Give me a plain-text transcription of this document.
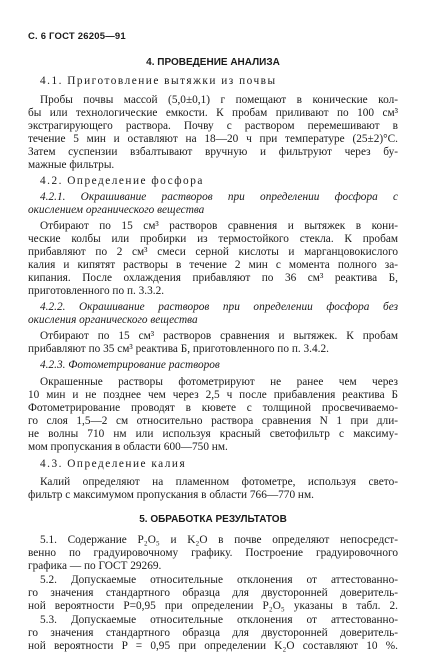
С. 6 ГОСТ 26205—91
4. ПРОВЕДЕНИЕ АНАЛИЗА
4.1. Приготовление вытяжки из почвы
Пробы почвы массой (5,0±0,1) г помещают в конические кол-
бы или технологические емкости. К пробам приливают по 100 см³
экстрагирующего раствора. Почву с раствором перемешивают в
течение 5 мин и оставляют на 18—20 ч при температуре (25±2)°С.
Затем суспензии взбалтывают вручную и фильтруют через бу-
мажные фильтры.
4.2. Определение фосфора
4.2.1. Окрашивание растворов при определении фосфора с
окислением органического вещества
Отбирают по 15 см³ растворов сравнения и вытяжек в кони-
ческие колбы или пробирки из термостойкого стекла. К пробам
прибавляют по 2 см³ смеси серной кислоты и марганцовокислого
калия и кипятят растворы в течение 2 мин с момента полного за-
кипания. После охлаждения прибавляют по 36 см³ реактива Б,
приготовленного по п. 3.3.2.
4.2.2. Окрашивание растворов при определении фосфора без
окисления органического вещества
Отбирают по 15 см³ растворов сравнения и вытяжек. К пробам
прибавляют по 35 см³ реактива Б, приготовленного по п. 3.4.2.
4.2.3. Фотометрирование растворов
Окрашенные растворы фотометрируют не ранее чем через
10 мин и не позднее чем через 2,5 ч после прибавления реактива Б
Фотометрирование проводят в кювете с толщиной просвечиваемо-
го слоя 1,5—2 см относительно раствора сравнения N 1 при дли-
не волны 710 нм или используя красный светофильтр с максиму-
мом пропускания в области 600—750 нм.
4.3. Определение калия
Калий определяют на пламенном фотометре, используя свето-
фильтр с максимумом пропускания в области 766—770 нм.
5. ОБРАБОТКА РЕЗУЛЬТАТОВ
5.1. Содержание P₂O₅ и K₂O в почве определяют непосредст-
венно по градуировочному графику. Построение градуировочного
графика — по ГОСТ 29269.
5.2. Допускаемые относительные отклонения от аттестованно-
го значения стандартного образца для двусторонней доверитель-
ной вероятности P=0,95 при определении P₂O₅ указаны в табл. 2.
5.3. Допускаемые относительные отклонения от аттестованно-
го значения стандартного образца для двусторонней доверитель-
ной вероятности P = 0,95 при определении K₂O составляют 10 %.
